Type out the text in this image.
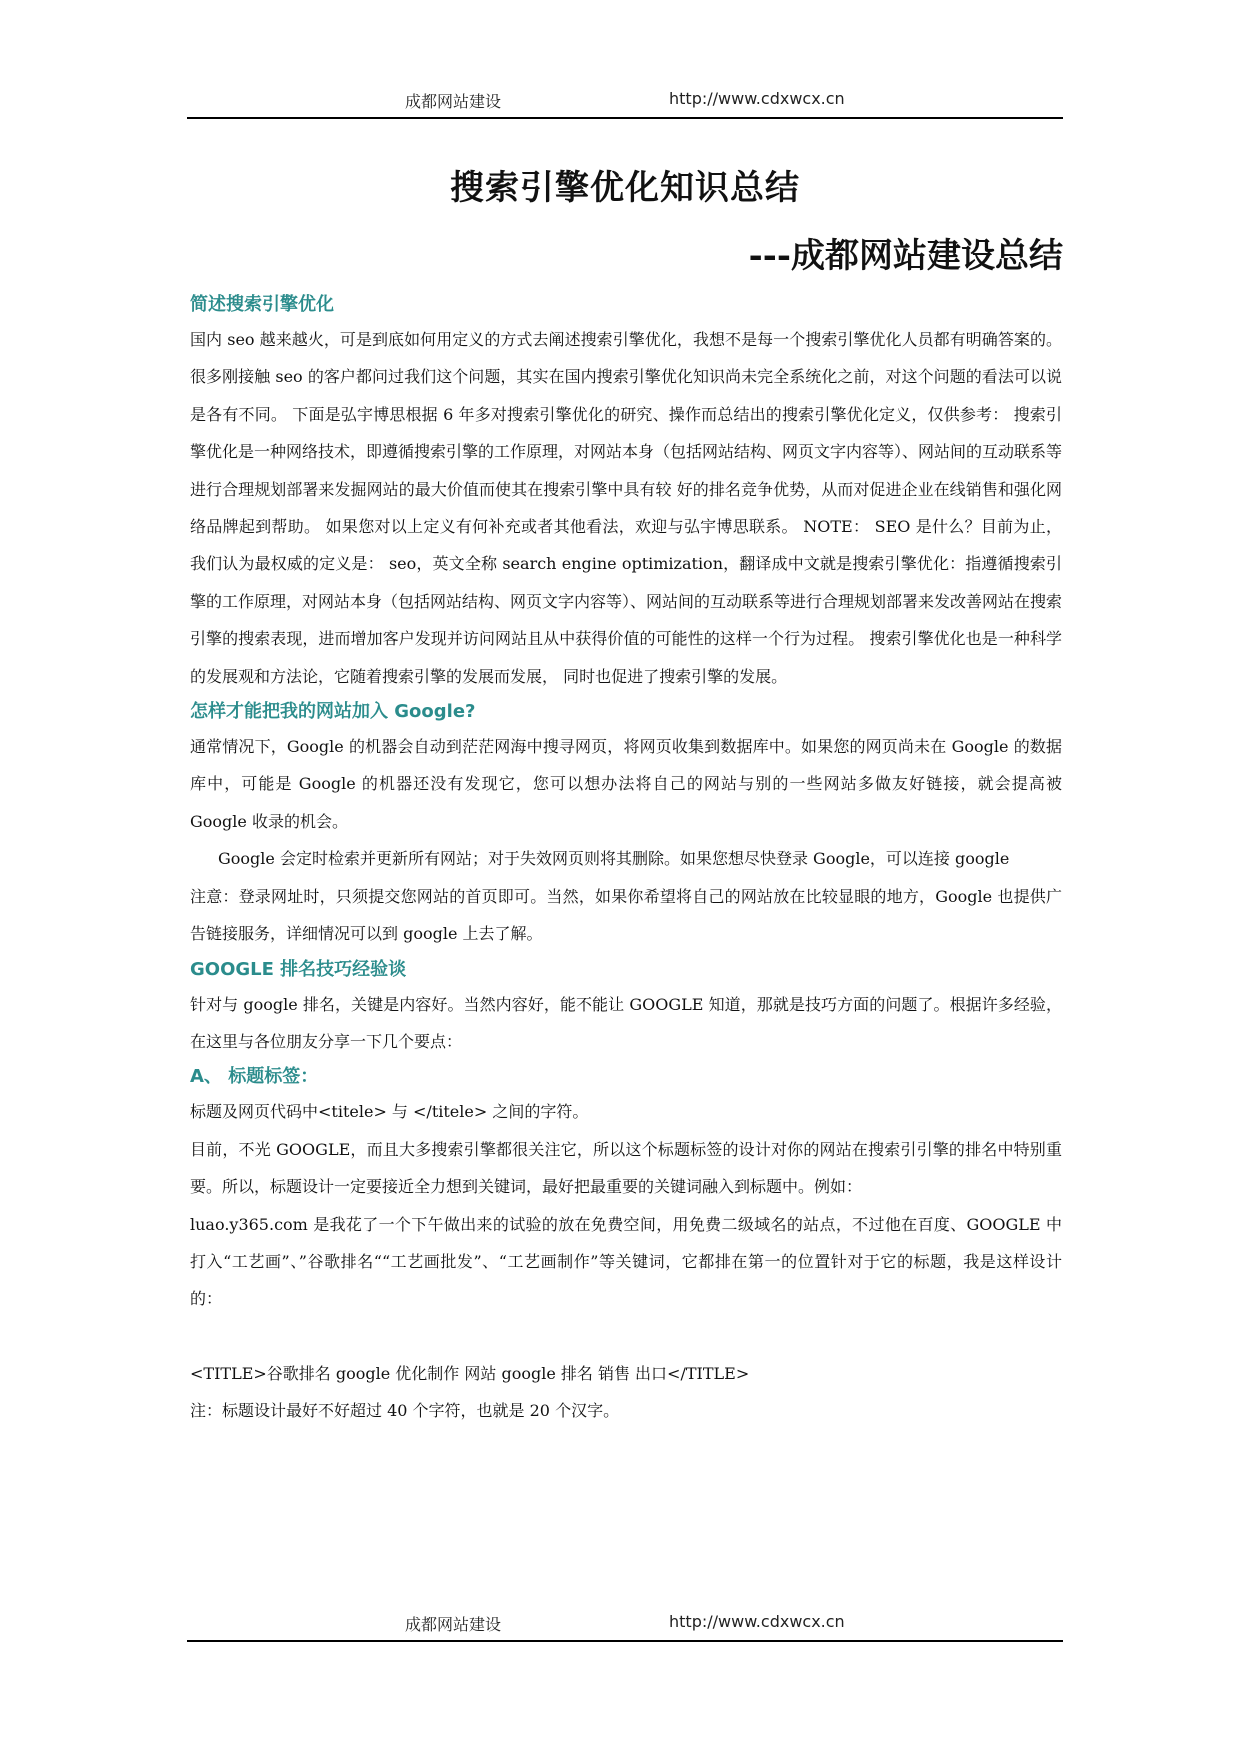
成都网站建设	http://www.cdxwcx.cn
搜索引擎优化知识总结
---成都网站建设总结
简述搜索引擎优化

国内 seo 越来越火，可是到底如何用定义的方式去阐述搜索引擎优化，我想不是每一个搜索引擎优化人员都有明确答案的。 很多刚接触 seo 的客户都问过我们这个问题，其实在国内搜索引擎优化知识尚未完全系统化之前，对这个问题的看法可以说是各有不同。 下面是弘宇博思根据 6 年多对搜索引擎优化的研究、操作而总结出的搜索引擎优化定义，仅供参考： 搜索引擎优化是一种网络技术，即遵循搜索引擎的工作原理，对网站本身（包括网站结构、网页文字内容等）、网站间的互动联系等进行合理规划部署来发掘网站的最大价值而使其在搜索引擎中具有较 好的排名竞争优势，从而对促进企业在线销售和强化网络品牌起到帮助。 如果您对以上定义有何补充或者其他看法，欢迎与弘宇博思联系。 NOTE： SEO 是什么？目前为止，我们认为最权威的定义是： seo，英文全称 search engine optimization，翻译成中文就是搜索引擎优化：指遵循搜索引擎的工作原理，对网站本身（包括网站结构、网页文字内容等）、网站间的互动联系等进行合理规划部署来发改善网站在搜索引擎的搜索表现，进而增加客户发现并访问网站且从中获得价值的可能性的这样一个行为过程。 搜索引擎优化也是一种科学的发展观和方法论，它随着搜索引擎的发展而发展， 同时也促进了搜索引擎的发展。

怎样才能把我的网站加入 Google?

通常情况下，Google 的机器会自动到茫茫网海中搜寻网页，将网页收集到数据库中。如果您的网页尚未在 Google 的数据库中，可能是 Google 的机器还没有发现它，您可以想办法将自己的网站与别的一些网站多做友好链接，就会提高被 Google 收录的机会。

Google 会定时检索并更新所有网站；对于失效网页则将其删除。如果您想尽快登录 Google，可以连接 google

注意：登录网址时，只须提交您网站的首页即可。当然，如果你希望将自己的网站放在比较显眼的地方，Google 也提供广告链接服务，详细情况可以到 google 上去了解。

GOOGLE 排名技巧经验谈

针对与 google 排名，关键是内容好。当然内容好，能不能让 GOOGLE 知道，那就是技巧方面的问题了。根据许多经验，在这里与各位朋友分享一下几个要点：

A、 标题标签：

标题及网页代码中<titele> 与 </titele> 之间的字符。

目前，不光 GOOGLE，而且大多搜索引擎都很关注它，所以这个标题标签的设计对你的网站在搜索引引擎的排名中特别重要。所以，标题设计一定要接近全力想到关键词，最好把最重要的关键词融入到标题中。例如：

luao.y365.com 是我花了一个下午做出来的试验的放在免费空间，用免费二级域名的站点，不过他在百度、GOOGLE 中打入“工艺画”、”谷歌排名““工艺画批发”、“工艺画制作”等关键词，它都排在第一的位置针对于它的标题，我是这样设计的：

<TITLE>谷歌排名 google 优化制作 网站 google 排名 销售 出口</TITLE>

注：标题设计最好不好超过 40 个字符，也就是 20 个汉字。

成都网站建设	http://www.cdxwcx.cn
